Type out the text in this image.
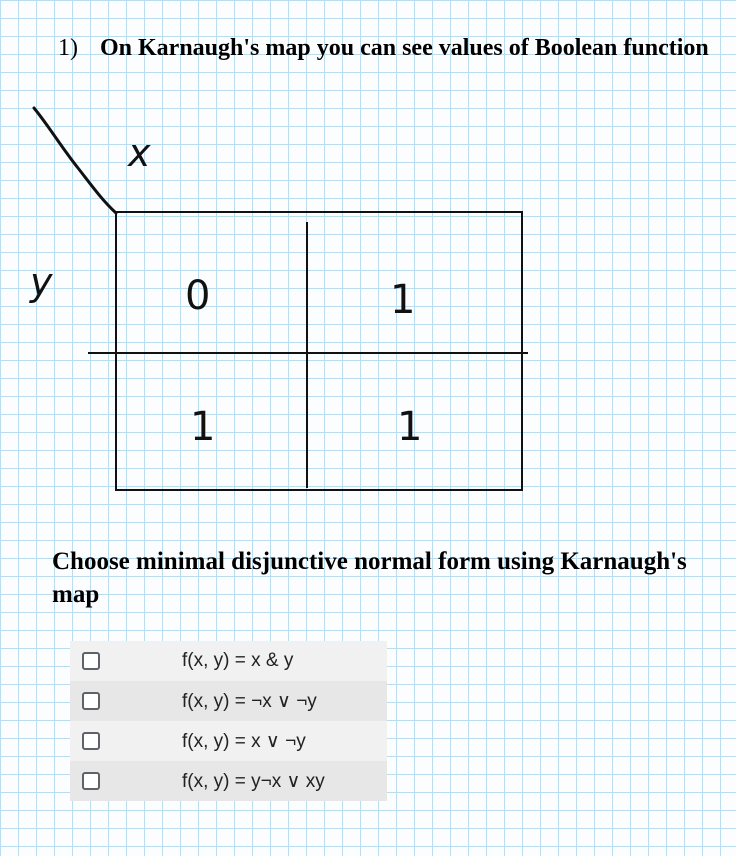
1) On Karnaugh's map you can see values of Boolean function
x
y	0	1
1	1
Choose minimal disjunctive normal form using Karnaugh's map
f(x, y) = x & y
f(x, y) = ¬x ∨ ¬y
f(x, y) = x ∨ ¬y
f(x, y) = y¬x ∨ xy
